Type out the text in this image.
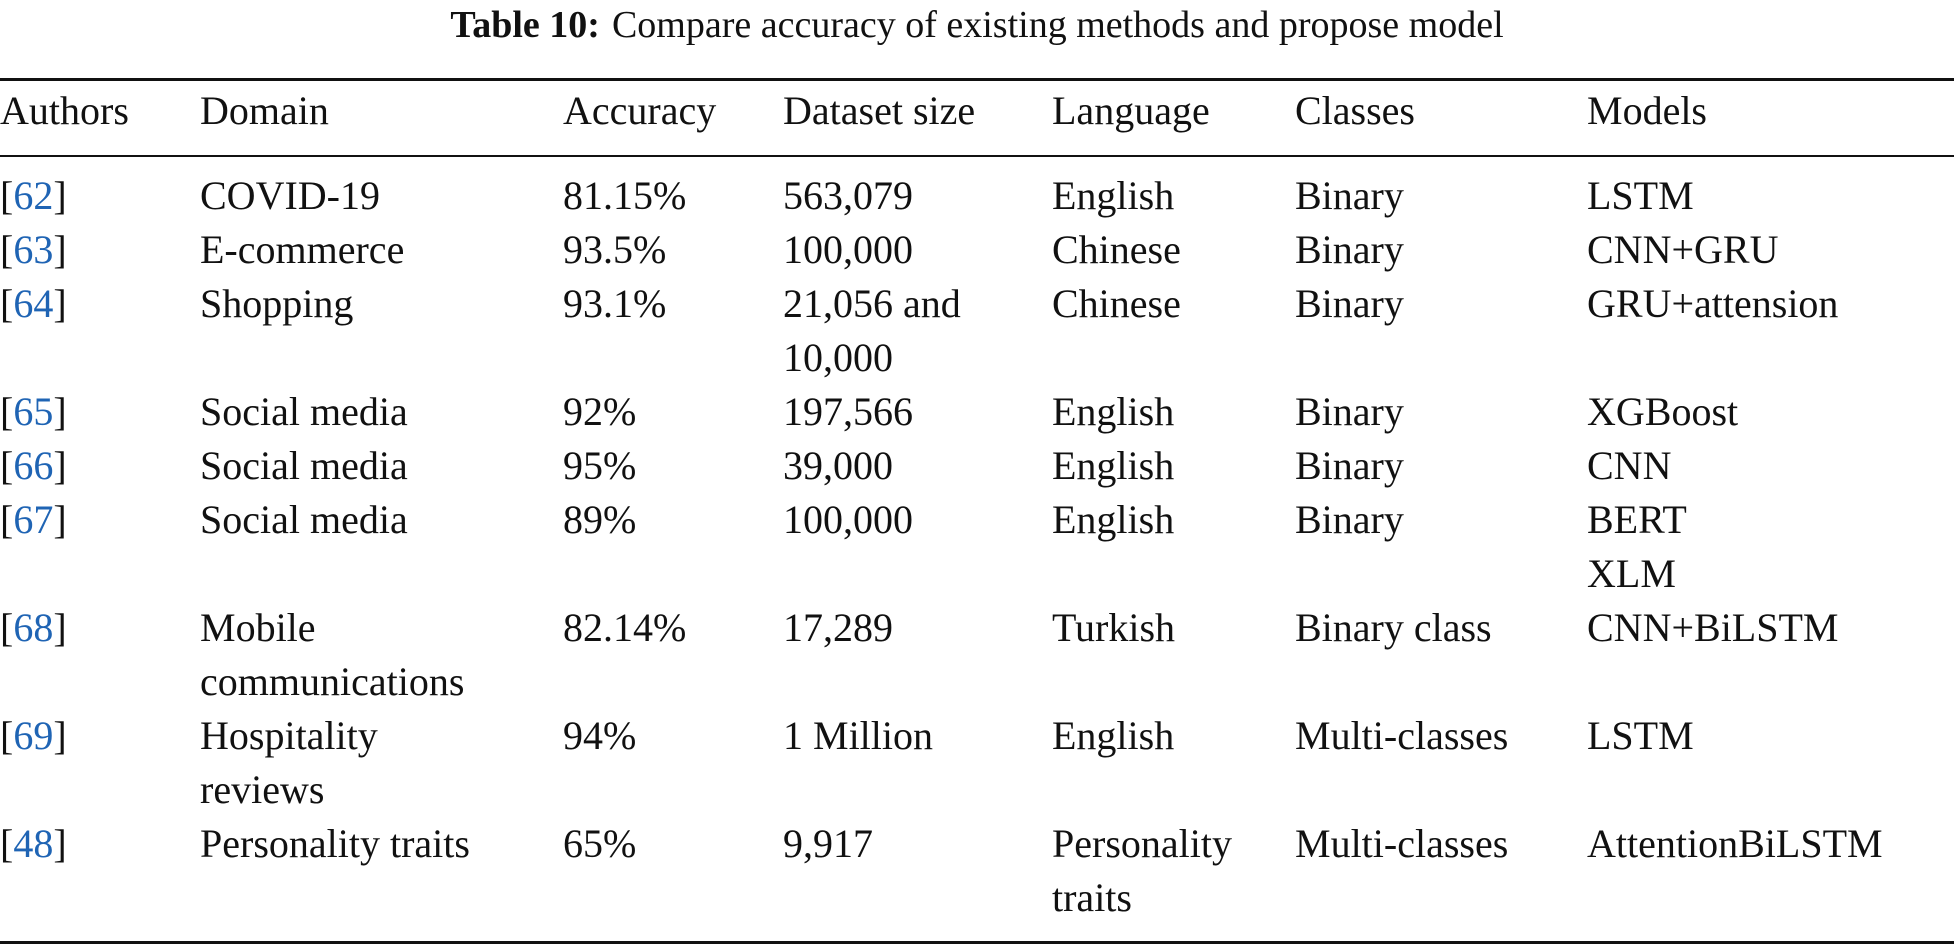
Table 10: Compare accuracy of existing methods and propose model
Authors	Domain	Accuracy	Dataset size	Language	Classes	Models
[62]	COVID-19	81.15%	563,079	English	Binary	LSTM

[63]	E-commerce	93.5%	100,000	Chinese	Binary	CNN+GRU

[64]	Shopping	93.1%	21,056 and
10,000	Chinese	Binary	GRU+attension

[65]	Social media	92%	197,566	English	Binary	XGBoost

[66]	Social media	95%	39,000	English	Binary	CNN

[67]	Social media	89%	100,000	English	Binary	BERT
XLM

[68]	Mobile
communications	82.14%	17,289	Turkish	Binary class	CNN+BiLSTM

[69]	Hospitality
reviews	94%	1 Million	English	Multi-classes	LSTM

[48]	Personality traits	65%	9,917	Personality
traits	Multi-classes	AttentionBiLSTM
